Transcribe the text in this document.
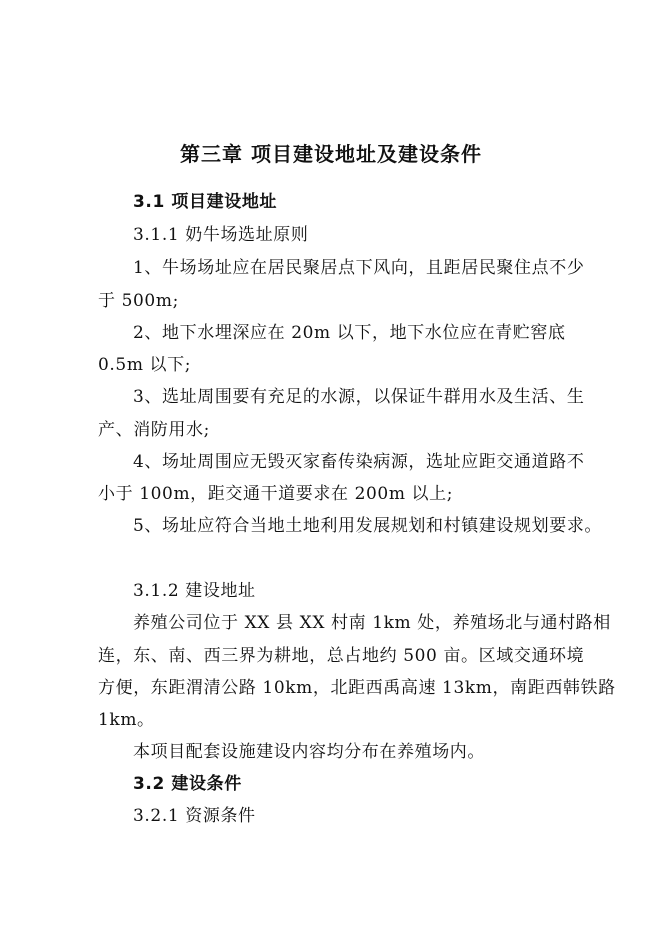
第三章 项目建设地址及建设条件
3.1 项目建设地址
3.1.1 奶牛场选址原则
1、牛场场址应在居民聚居点下风向，且距居民聚住点不少
于 500m;
2、地下水埋深应在 20m 以下，地下水位应在青贮窖底
0.5m 以下;
3、选址周围要有充足的水源，以保证牛群用水及生活、生
产、消防用水;
4、场址周围应无毁灭家畜传染病源，选址应距交通道路不
小于 100m，距交通干道要求在 200m 以上;
5、场址应符合当地土地利用发展规划和村镇建设规划要求。
3.1.2 建设地址
养殖公司位于 XX 县 XX 村南 1km 处，养殖场北与通村路相
连，东、南、西三界为耕地，总占地约 500 亩。区域交通环境
方便，东距渭清公路 10km，北距西禹高速 13km，南距西韩铁路
1km。
本项目配套设施建设内容均分布在养殖场内。
3.2 建设条件
3.2.1 资源条件
